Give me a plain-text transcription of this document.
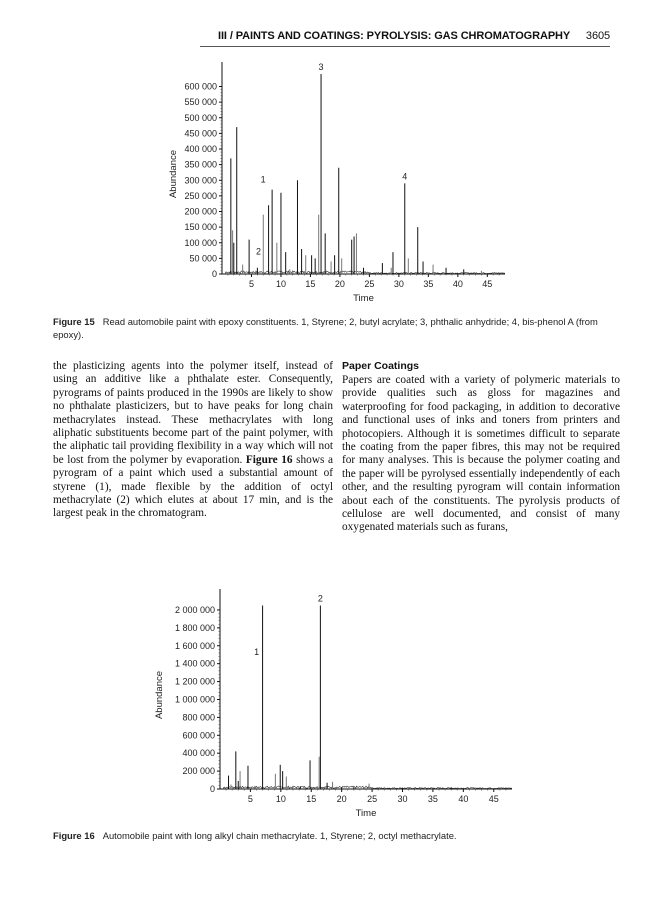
III / PAINTS AND COATINGS: PYROLYSIS: GAS CHROMATOGRAPHY 3605
0
50 000
100 000
150 000
200 000
250 000
300 000
350 000
400 000
450 000
500 000
550 000
600 000
5 10 15 20 25 30 35 40 45
Time
Abundance	1
2
3
4
Figure 15 Read automobile paint with epoxy constituents. 1, Styrene; 2, butyl acrylate; 3, phthalic anhydride; 4, bis-phenol A (from epoxy).

the plasticizing agents into the polymer itself, instead of using an additive like a phthalate ester. Consequently, pyrograms of paints produced in the 1990s are likely to show no phthalate plasticizers, but to have peaks for long chain methacrylates instead. These methacrylates with long aliphatic substituents become part of the paint polymer, with the aliphatic tail providing flexibility in a way which will not be lost from the polymer by evaporation. Figure 16 shows a pyrogram of a paint which used a substantial amount of styrene (1), made flexible by the addition of octyl methacrylate (2) which elutes at about 17 min, and is the largest peak in the chromatogram.

Paper Coatings

Papers are coated with a variety of polymeric materials to provide qualities such as gloss for magazines and waterproofing for food packaging, in addition to decorative and functional uses of inks and toners from printers and photocopiers. Although it is sometimes difficult to separate the coating from the paper fibres, this may not be required for many analyses. This is because the polymer coating and the paper will be pyrolysed essentially independently of each other, and the resulting pyrogram will contain information about each of the constituents. The pyrolysis products of cellulose are well documented, and consist of many oxygenated materials such as furans,

0
200 000
400 000
600 000
800 000
1 000 000
1 200 000
1 400 000
1 600 000
1 800 000
2 000 000
5	10 15 20 25 30 35 40 45
Time
Abundance
1
2
Figure 16 Automobile paint with long alkyl chain methacrylate. 1, Styrene; 2, octyl methacrylate.
